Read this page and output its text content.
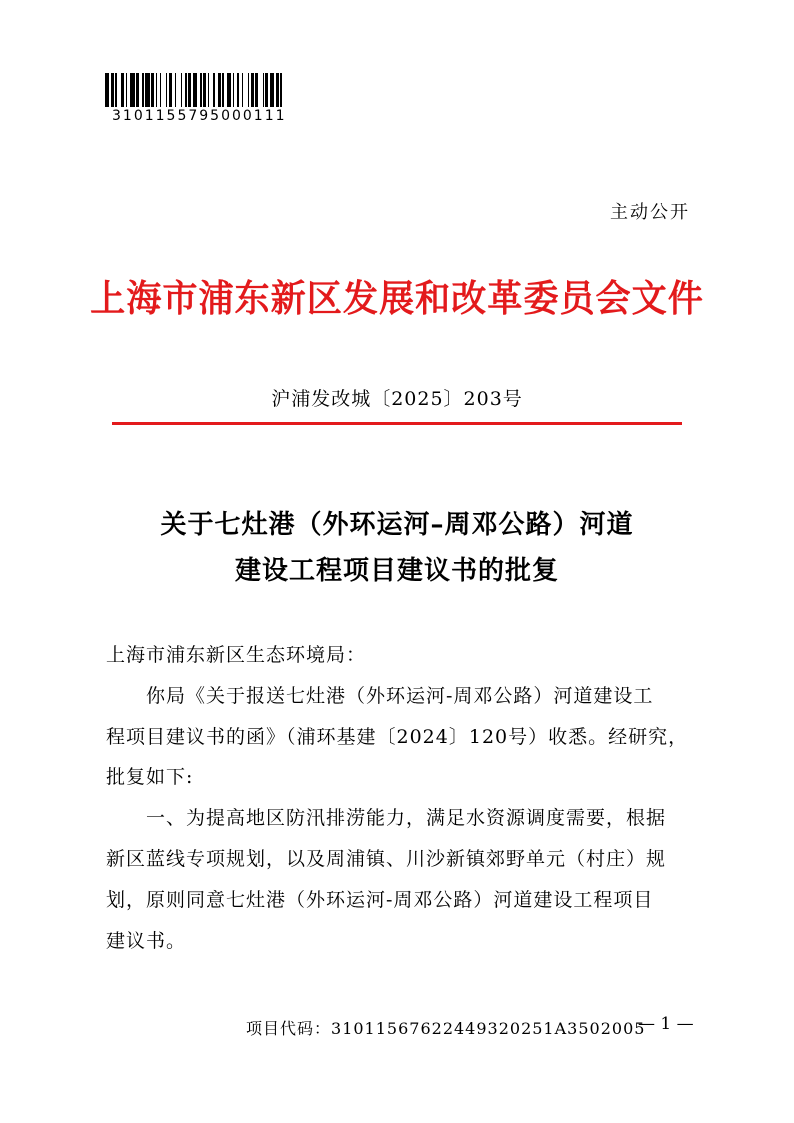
3101155795000111
主动公开
上海市浦东新区发展和改革委员会文件
沪浦发改城〔2025〕203号
关于七灶港（外环运河–周邓公路）河道
建设工程项目建议书的批复
上海市浦东新区生态环境局：
你局《关于报送七灶港（外环运河-周邓公路）河道建设工
程项目建议书的函》（浦环基建〔2024〕120号）收悉。经研究，
批复如下:
一、为提高地区防汛排涝能力，满足水资源调度需要，根据
新区蓝线专项规划，以及周浦镇、川沙新镇郊野单元（村庄）规
划，原则同意七灶港（外环运河-周邓公路）河道建设工程项目
建议书。
项目代码：31011567622449320251A3502005
— 1 —
